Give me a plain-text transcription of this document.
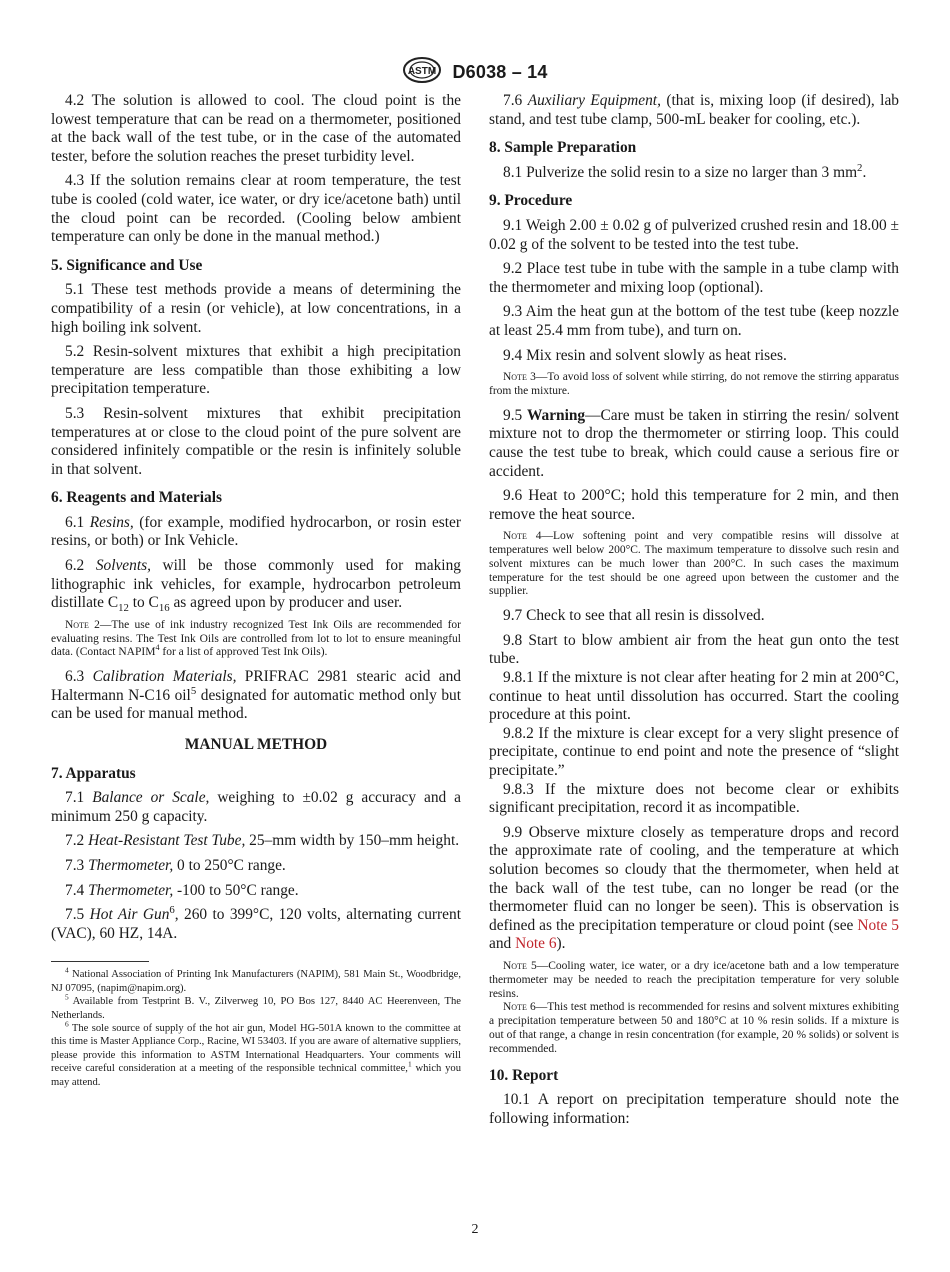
ASTM D6038 – 14

4.2 The solution is allowed to cool. The cloud point is the lowest temperature that can be read on a thermometer, positioned at the back wall of the test tube, or in the case of the automated tester, before the solution reaches the preset turbidity level.

4.3 If the solution remains clear at room temperature, the test tube is cooled (cold water, ice water, or dry ice/acetone bath) until the cloud point can be recorded. (Cooling below ambient temperature can only be done in the manual method.)

5. Significance and Use

5.1 These test methods provide a means of determining the compatibility of a resin (or vehicle), at low concentrations, in a high boiling ink solvent.

5.2 Resin-solvent mixtures that exhibit a high precipitation temperature are less compatible than those exhibiting a low precipitation temperature.

5.3 Resin-solvent mixtures that exhibit precipitation temperatures at or close to the cloud point of the pure solvent are considered infinitely compatible or the resin is infinitely soluble in that solvent.

6. Reagents and Materials

6.1 Resins, (for example, modified hydrocarbon, or rosin ester resins, or both) or Ink Vehicle.

6.2 Solvents, will be those commonly used for making lithographic ink vehicles, for example, hydrocarbon petroleum distillate $C_{12}$ to $C_{16}$ as agreed upon by producer and user.

Note 2—The use of ink industry recognized Test Ink Oils are recommended for evaluating resins. The Test Ink Oils are controlled from lot to lot to ensure meaningful data. (Contact NAPIM$^4$ for a list of approved Test Ink Oils).

6.3 Calibration Materials, PRIFRAC 2981 stearic acid and Haltermann N-C16 oil$^5$ designated for automatic method only but can be used for manual method.

MANUAL METHOD
7. Apparatus

7.1 Balance or Scale, weighing to ±0.02 g accuracy and a minimum 250 g capacity.

7.2 Heat-Resistant Test Tube, 25–mm width by 150–mm height.

7.3 Thermometer, 0 to 250°C range.

7.4 Thermometer, -100 to 50°C range.

7.5 Hot Air Gun$^6$, 260 to 399°C, 120 volts, alternating current (VAC), 60 HZ, 14A.

$^4$ National Association of Printing Ink Manufacturers (NAPIM), 581 Main St., Woodbridge, NJ 07095, (napim@napim.org).

$^5$ Available from Testprint B. V., Zilverweg 10, PO Bos 127, 8440 AC Heerenveen, The Netherlands.

$^6$ The sole source of supply of the hot air gun, Model HG-501A known to the committee at this time is Master Appliance Corp., Racine, WI 53403. If you are aware of alternative suppliers, please provide this information to ASTM International Headquarters. Your comments will receive careful consideration at a meeting of the responsible technical committee,$^1$ which you may attend.

7.6 Auxiliary Equipment, (that is, mixing loop (if desired), lab stand, and test tube clamp, 500-mL beaker for cooling, etc.).

8. Sample Preparation

8.1 Pulverize the solid resin to a size no larger than 3 $mm^2$.

9. Procedure

9.1 Weigh 2.00 ± 0.02 g of pulverized crushed resin and 18.00 ± 0.02 g of the solvent to be tested into the test tube.

9.2 Place test tube in tube with the sample in a tube clamp with the thermometer and mixing loop (optional).

9.3 Aim the heat gun at the bottom of the test tube (keep nozzle at least 25.4 mm from tube), and turn on.

9.4 Mix resin and solvent slowly as heat rises.

Note 3—To avoid loss of solvent while stirring, do not remove the stirring apparatus from the mixture.

9.5 Warning—Care must be taken in stirring the resin/ solvent mixture not to drop the thermometer or stirring loop. This could cause the test tube to break, which could cause a serious fire or accident.

9.6 Heat to 200°C; hold this temperature for 2 min, and then remove the heat source.

Note 4—Low softening point and very compatible resins will dissolve at temperatures well below 200°C. The maximum temperature to dissolve such resin and solvent mixtures can be much lower than 200°C. In such cases the maximum temperature for the test should be one agreed upon between the customer and the supplier.

9.7 Check to see that all resin is dissolved.

9.8 Start to blow ambient air from the heat gun onto the test tube.

9.8.1 If the mixture is not clear after heating for 2 min at 200°C, continue to heat until dissolution has occurred. Start the cooling procedure at this point.

9.8.2 If the mixture is clear except for a very slight presence of precipitate, continue to end point and note the presence of “slight precipitate.”

9.8.3 If the mixture does not become clear or exhibits significant precipitation, record it as incompatible.

9.9 Observe mixture closely as temperature drops and record the approximate rate of cooling, and the temperature at which solution becomes so cloudy that the thermometer, when held at the back wall of the test tube, can no longer be read (or the thermometer fluid can no longer be seen). This is observation is defined as the precipitation temperature or cloud point (see Note 5 and Note 6).

Note 5—Cooling water, ice water, or a dry ice/acetone bath and a low temperature thermometer may be needed to reach the precipitation temperature for very soluble resins.

Note 6—This test method is recommended for resins and solvent mixtures exhibiting a precipitation temperature between 50 and 180°C at 10 % resin solids. If a mixture is out of that range, a change in resin concentration (for example, 20 % solids) or solvent is recommended.

10. Report

10.1 A report on precipitation temperature should note the following information:

2
